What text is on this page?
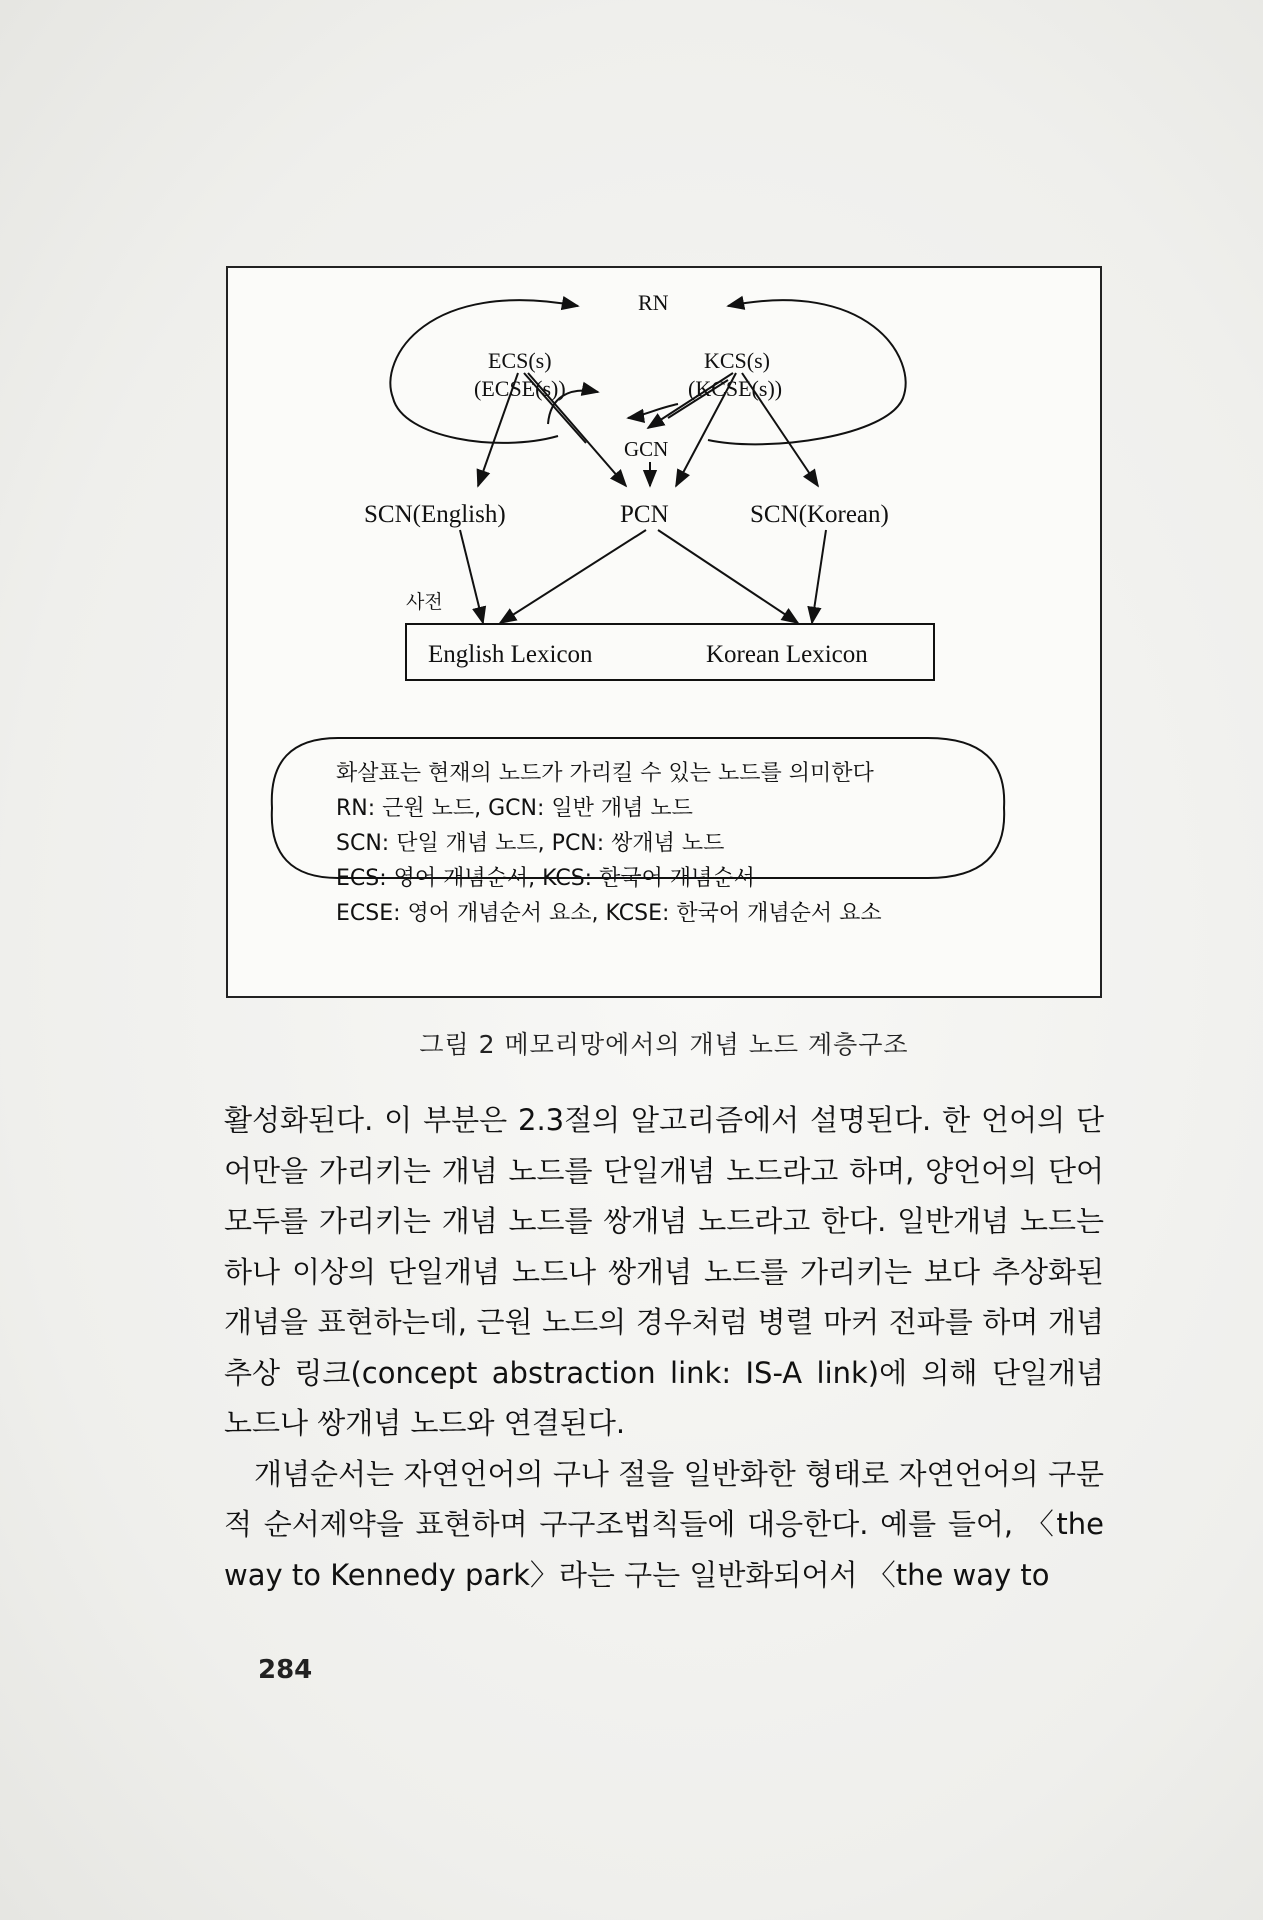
RN
ECS(s)
(ECSE(s))
KCS(s)
(KCSE(s))
GCN
SCN(English)	PCN	SCN(Korean)
사전
English Lexicon	Korean Lexicon
화살표는 현재의 노드가 가리킬 수 있는 노드를 의미한다
RN: 근원 노드, GCN: 일반 개념 노드
SCN: 단일 개념 노드, PCN: 쌍개념 노드
ECS: 영어 개념순서, KCS: 한국어 개념순서
ECSE: 영어 개념순서 요소, KCSE: 한국어 개념순서 요소
그림 2 메모리망에서의 개념 노드 계층구조

활성화된다. 이 부분은 2.3절의 알고리즘에서 설명된다. 한 언어의 단어만을 가리키는 개념 노드를 단일개념 노드라고 하며, 양언어의 단어 모두를 가리키는 개념 노드를 쌍개념 노드라고 한다. 일반개념 노드는 하나 이상의 단일개념 노드나 쌍개념 노드를 가리키는 보다 추상화된 개념을 표현하는데, 근원 노드의 경우처럼 병렬 마커 전파를 하며 개념추상 링크(concept abstraction link: IS-A link)에 의해 단일개념 노드나 쌍개념 노드와 연결된다.

개념순서는 자연언어의 구나 절을 일반화한 형태로 자연언어의 구문적 순서제약을 표현하며 구구조법칙들에 대응한다. 예를 들어, 〈the way to Kennedy park〉라는 구는 일반화되어서 〈the way to

284
